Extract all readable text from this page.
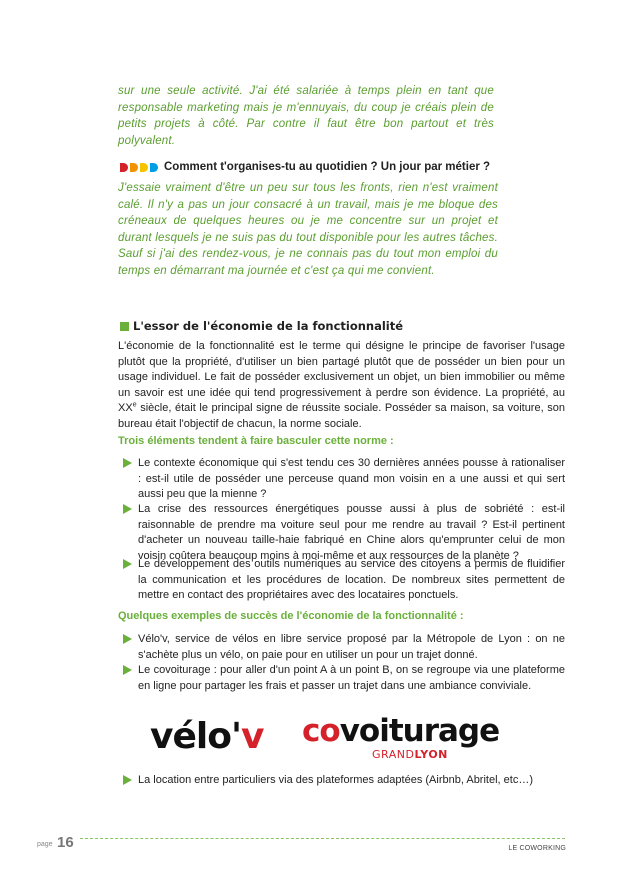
sur une seule activité. J'ai été salariée à temps plein en tant que responsable marketing mais je m'ennuyais, du coup je créais plein de petits projets à côté. Par contre il faut être bon partout et très polyvalent.
Comment t'organises-tu au quotidien ? Un jour par métier ?
J'essaie vraiment d'être un peu sur tous les fronts, rien n'est vraiment calé. Il n'y a pas un jour consacré à un travail, mais je me bloque des créneaux de quelques heures ou je me concentre sur un projet et durant lesquels je ne suis pas du tout disponible pour les autres tâches. Sauf si j'ai des rendez-vous, je ne connais pas du tout mon emploi du temps en démarrant ma journée et c'est ça qui me convient.
L'essor de l'économie de la fonctionnalité
L'économie de la fonctionnalité est le terme qui désigne le principe de favoriser l'usage plutôt que la propriété, d'utiliser un bien partagé plutôt que de posséder un bien pour un usage individuel. Le fait de posséder exclusivement un objet, un bien immobilier ou même un savoir est une idée qui tend progressivement à perdre son évidence. La propriété, au XXe siècle, était le principal signe de réussite sociale. Posséder sa maison, sa voiture, son bureau était l'objectif de chacun, la norme sociale.
Trois éléments tendent à faire basculer cette norme :
Le contexte économique qui s'est tendu ces 30 dernières années pousse à rationaliser : est-il utile de posséder une perceuse quand mon voisin en a une aussi et qui sert aussi peu que la mienne ?
La crise des ressources énergétiques pousse aussi à plus de sobriété : est-il raisonnable de prendre ma voiture seul pour me rendre au travail ? Est-il pertinent d'acheter un nouveau taille-haie fabriqué en Chine alors qu'emprunter celui de mon voisin coûtera beaucoup moins à moi-même et aux ressources de la planète ?
Le développement des outils numériques au service des citoyens a permis de fluidifier la communication et les procédures de location. De nombreux sites permettent de mettre en contact des propriétaires avec des locataires ponctuels.
Quelques exemples de succès de l'économie de la fonctionnalité :
Vélo'v, service de vélos en libre service proposé par la Métropole de Lyon : on ne s'achète plus un vélo, on paie pour en utiliser un pour un trajet donné.
Le covoiturage : pour aller d'un point A à un point B, on se regroupe via une plateforme en ligne pour partager les frais et passer un trajet dans une ambiance conviviale.
vélo'v covoiturage
GRANDLYON
La location entre particuliers via des plateformes adaptées (Airbnb, Abritel, etc…)
page 16	LE COWORKING
